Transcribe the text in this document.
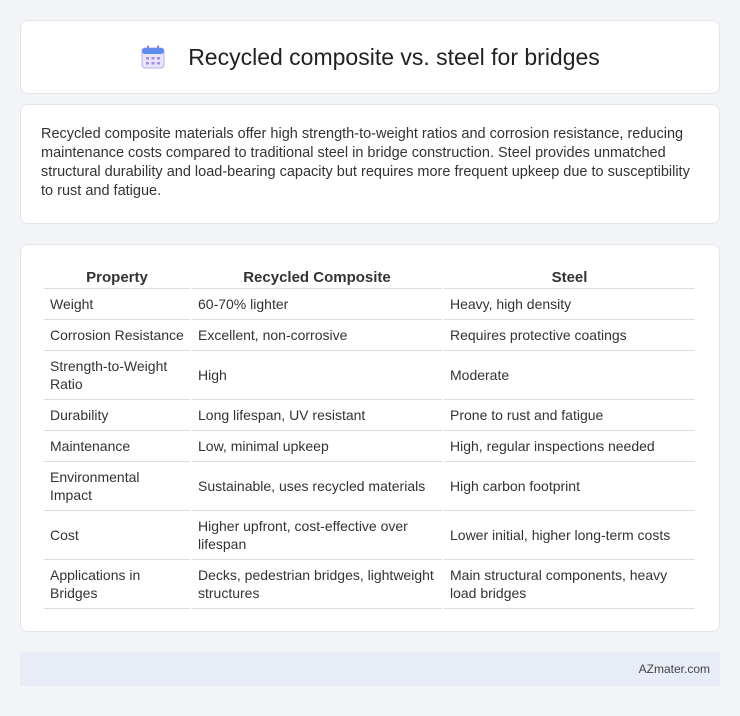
Recycled composite vs. steel for bridges

Recycled composite materials offer high strength-to-weight ratios and corrosion resistance, reducing maintenance costs compared to traditional steel in bridge construction. Steel provides unmatched structural durability and load-bearing capacity but requires more frequent upkeep due to susceptibility to rust and fatigue.

Property	Recycled Composite	Steel
Weight	60-70% lighter	Heavy, high density
Corrosion Resistance	Excellent, non-corrosive	Requires protective coatings
Strength-to-Weight Ratio	High	Moderate
Durability	Long lifespan, UV resistant	Prone to rust and fatigue
Maintenance	Low, minimal upkeep	High, regular inspections needed
Environmental Impact	Sustainable, uses recycled materials	High carbon footprint
Cost	Higher upfront, cost-effective over lifespan	Lower initial, higher long-term costs
Applications in Bridges	Decks, pedestrian bridges, lightweight structures	Main structural components, heavy load bridges
AZmater.com
